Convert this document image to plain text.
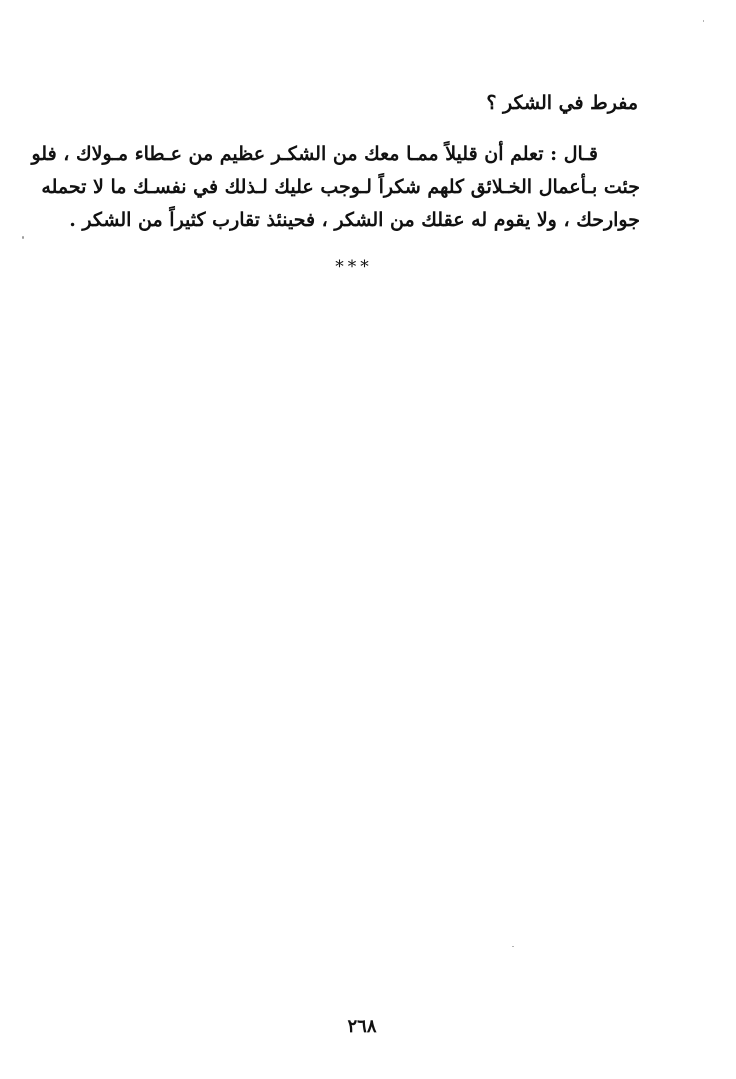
مفرط في الشكر ؟
قـال : تعلم أن قليلاً ممـا معك من الشكـر عظيم من عـطاء مـولاك ، فلو
جئت بـأعمال الخـلائق كلهم شكراً لـوجب عليك لـذلك في نفسـك ما لا تحمله
جوارحك ، ولا يقوم له عقلك من الشكر ، فحينئذ تقارب كثيراً من الشكر .
***
٢٦٨
